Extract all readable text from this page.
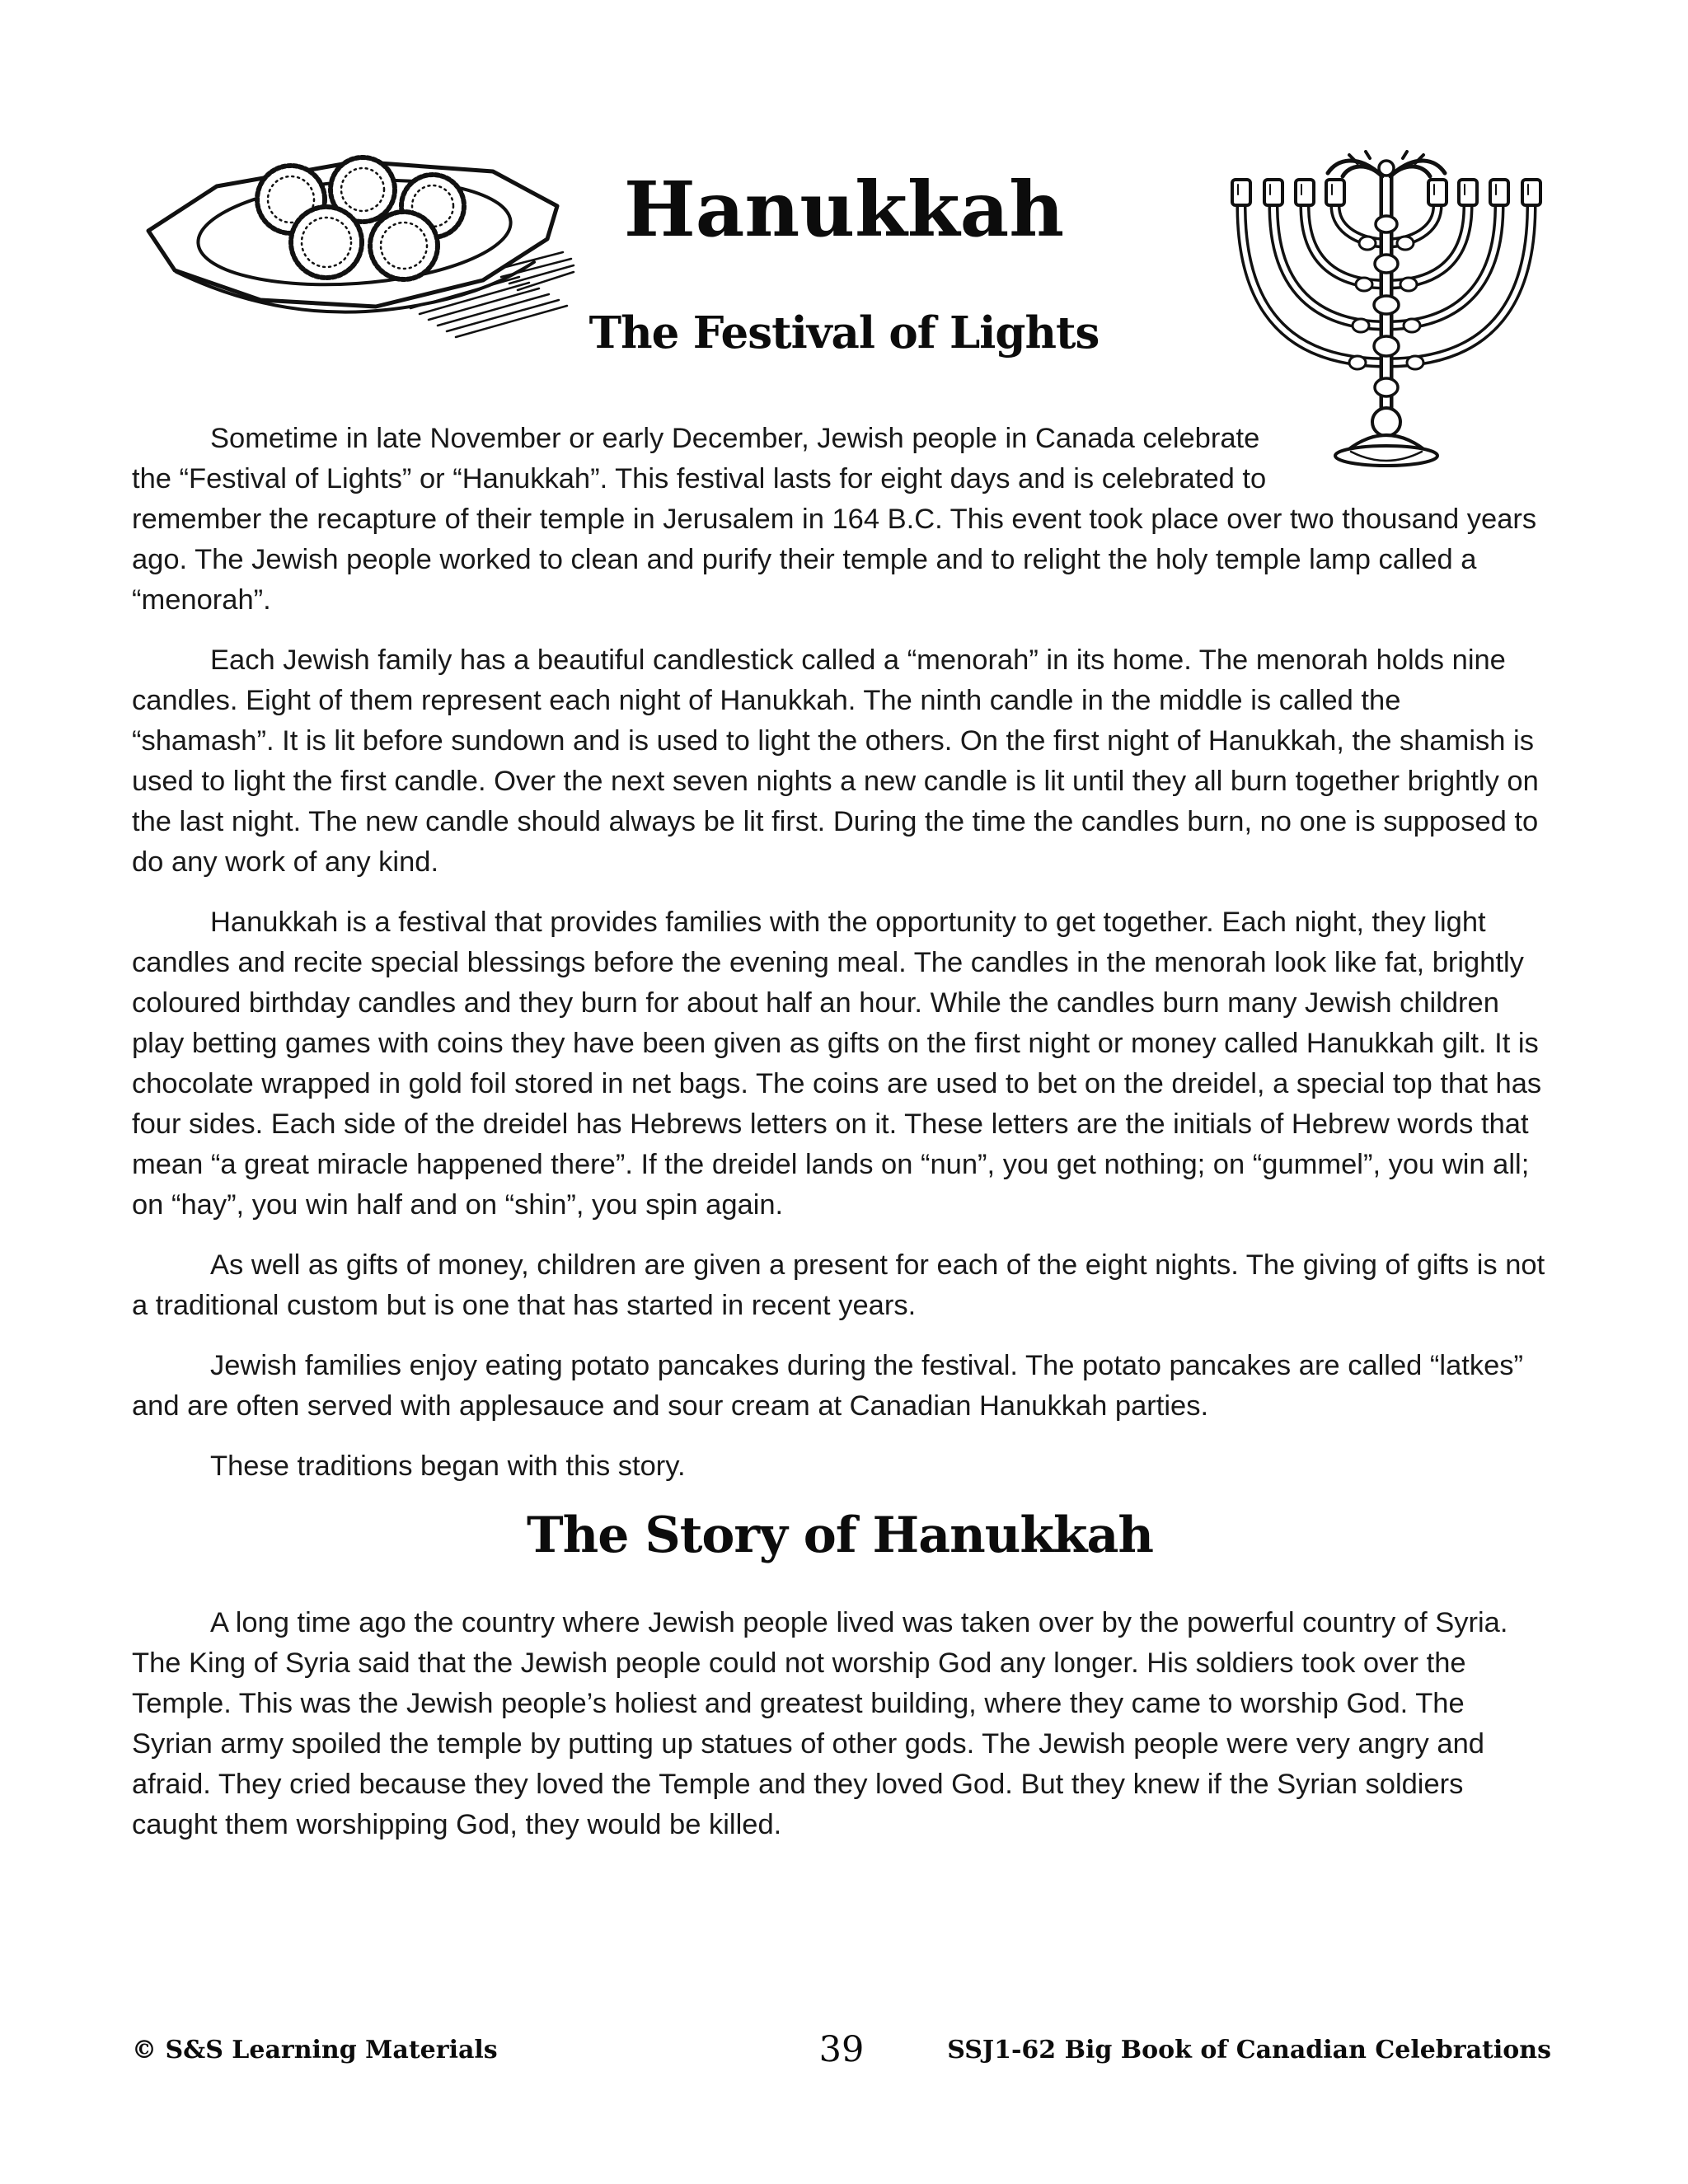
Hanukkah
The Festival of Lights

Sometime in late November or early December, Jewish people in Canada celebrate the “Festival of Lights” or “Hanukkah”. This festival lasts for eight days and is celebrated to remember the recapture of their temple in Jerusalem in 164 B.C. This event took place over two thousand years ago. The Jewish people worked to clean and purify their temple and to relight the holy temple lamp called a “menorah”.

Each Jewish family has a beautiful candlestick called a “menorah” in its home. The menorah holds nine candles. Eight of them represent each night of Hanukkah. The ninth candle in the middle is called the “shamash”. It is lit before sundown and is used to light the others. On the first night of Hanukkah, the shamish is used to light the first candle. Over the next seven nights a new candle is lit until they all burn together brightly on the last night. The new candle should always be lit first. During the time the candles burn, no one is supposed to do any work of any kind.

Hanukkah is a festival that provides families with the opportunity to get together. Each night, they light candles and recite special blessings before the evening meal. The candles in the menorah look like fat, brightly coloured birthday candles and they burn for about half an hour. While the candles burn many Jewish children play betting games with coins they have been given as gifts on the first night or money called Hanukkah gilt. It is chocolate wrapped in gold foil stored in net bags. The coins are used to bet on the dreidel, a special top that has four sides. Each side of the dreidel has Hebrews letters on it. These letters are the initials of Hebrew words that mean “a great miracle happened there”. If the dreidel lands on “nun”, you get nothing; on “gummel”, you win all; on “hay”, you win half and on “shin”, you spin again.

As well as gifts of money, children are given a present for each of the eight nights. The giving of gifts is not a traditional custom but is one that has started in recent years.

Jewish families enjoy eating potato pancakes during the festival. The potato pancakes are called “latkes” and are often served with applesauce and sour cream at Canadian Hanukkah parties.

These traditions began with this story.

The Story of Hanukkah

A long time ago the country where Jewish people lived was taken over by the powerful country of Syria. The King of Syria said that the Jewish people could not worship God any longer. His soldiers took over the Temple. This was the Jewish people’s holiest and greatest building, where they came to worship God. The Syrian army spoiled the temple by putting up statues of other gods. The Jewish people were very angry and afraid. They cried because they loved the Temple and they loved God. But they knew if the Syrian soldiers caught them worshipping God, they would be killed.

© S&S Learning Materials	39	SSJ1-62 Big Book of Canadian Celebrations
